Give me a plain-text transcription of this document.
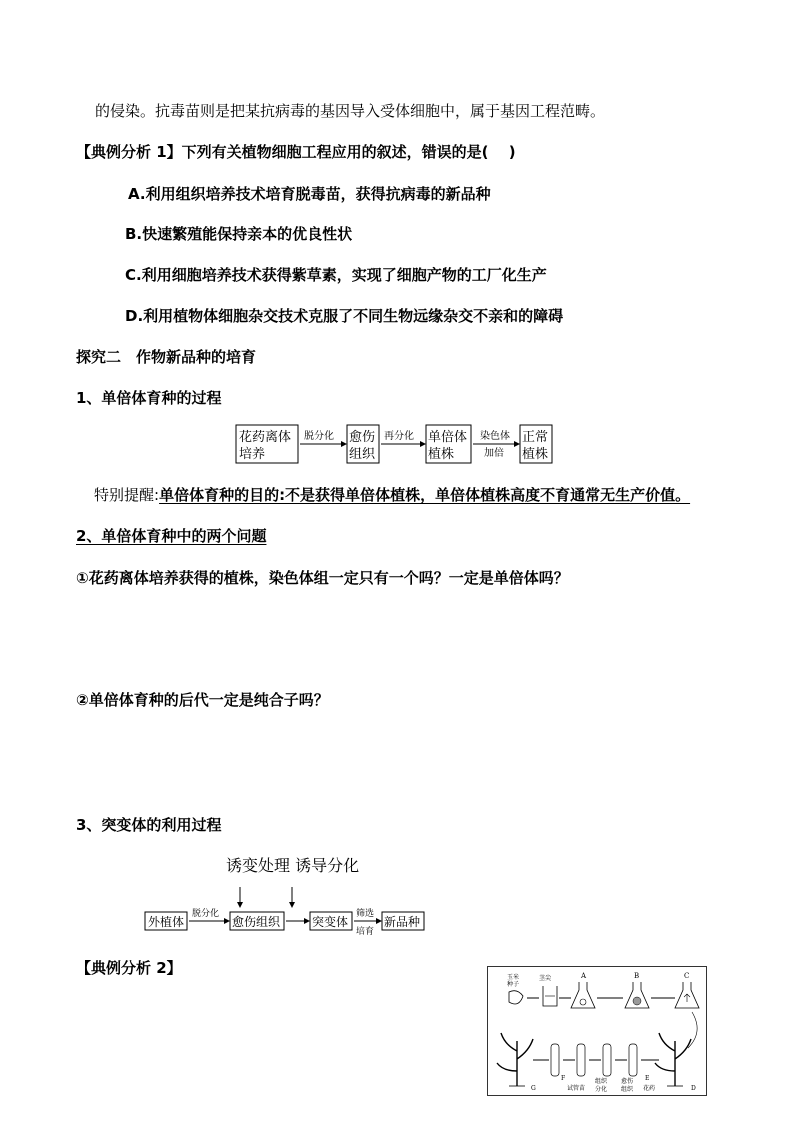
的侵染。抗毒苗则是把某抗病毒的基因导入受体细胞中，属于基因工程范畴。
【典例分析 1】下列有关植物细胞工程应用的叙述，错误的是(　 )
A.利用组织培养技术培育脱毒苗，获得抗病毒的新品种
B.快速繁殖能保持亲本的优良性状
C.利用细胞培养技术获得紫草素，实现了细胞产物的工厂化生产
D.利用植物体细胞杂交技术克服了不同生物远缘杂交不亲和的障碍
探究二　作物新品种的培育
1、单倍体育种的过程
花药离体
培养
脱分化 愈伤
组织
再分化 单倍体
植株
染色体
加倍
正常
植株
特别提醒:单倍体育种的目的:不是获得单倍体植株，单倍体植株高度不育通常无生产价值。
2、单倍体育种中的两个问题
①花药离体培养获得的植株，染色体组一定只有一个吗？一定是单倍体吗？
②单倍体育种的后代一定是纯合子吗？
3、突变体的利用过程
诱变处理 诱导分化
外植体
脱分化
愈伤组织	突变体
筛选
培育
新品种
【典例分析 2】
玉米
种子
茎尖	A	B	C
G
F
试管苗
组织
分化
愈伤
组织
E
花药	D
